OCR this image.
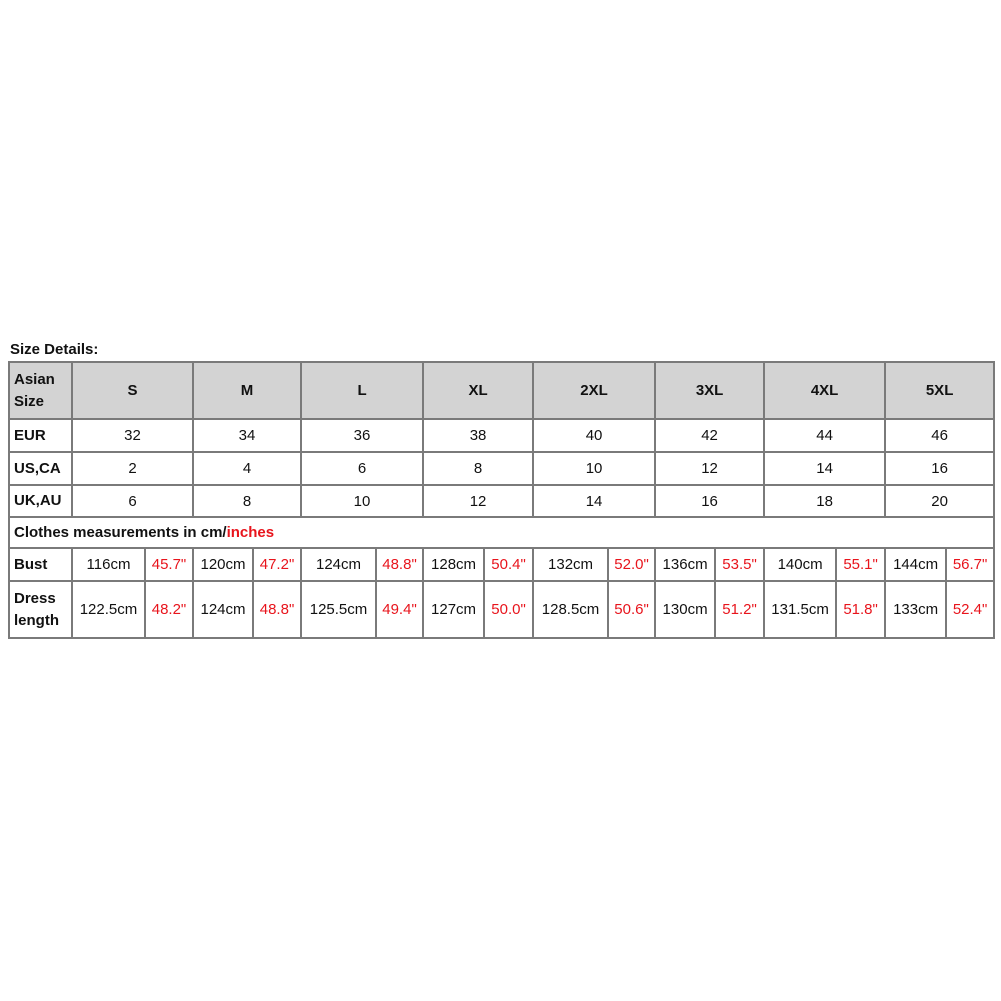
Size Details:
Asian Size	S		M		L		XL		2XL		3XL		4XL		5XL	
EUR	32		34		36		38		40		42		44		46	
US,CA	2		4		6		8		10		12		14		16	
UK,AU	6		8		10		12		14		16		18		20	
Clothes measurements in cm/inches																
Bust	116cm	45.7"	120cm	47.2"	124cm	48.8"	128cm	50.4"	132cm	52.0"	136cm	53.5"	140cm	55.1"	144cm	56.7"
Dress length	122.5cm	48.2"	124cm	48.8"	125.5cm	49.4"	127cm	50.0"	128.5cm	50.6"	130cm	51.2"	131.5cm	51.8"	133cm	52.4"
